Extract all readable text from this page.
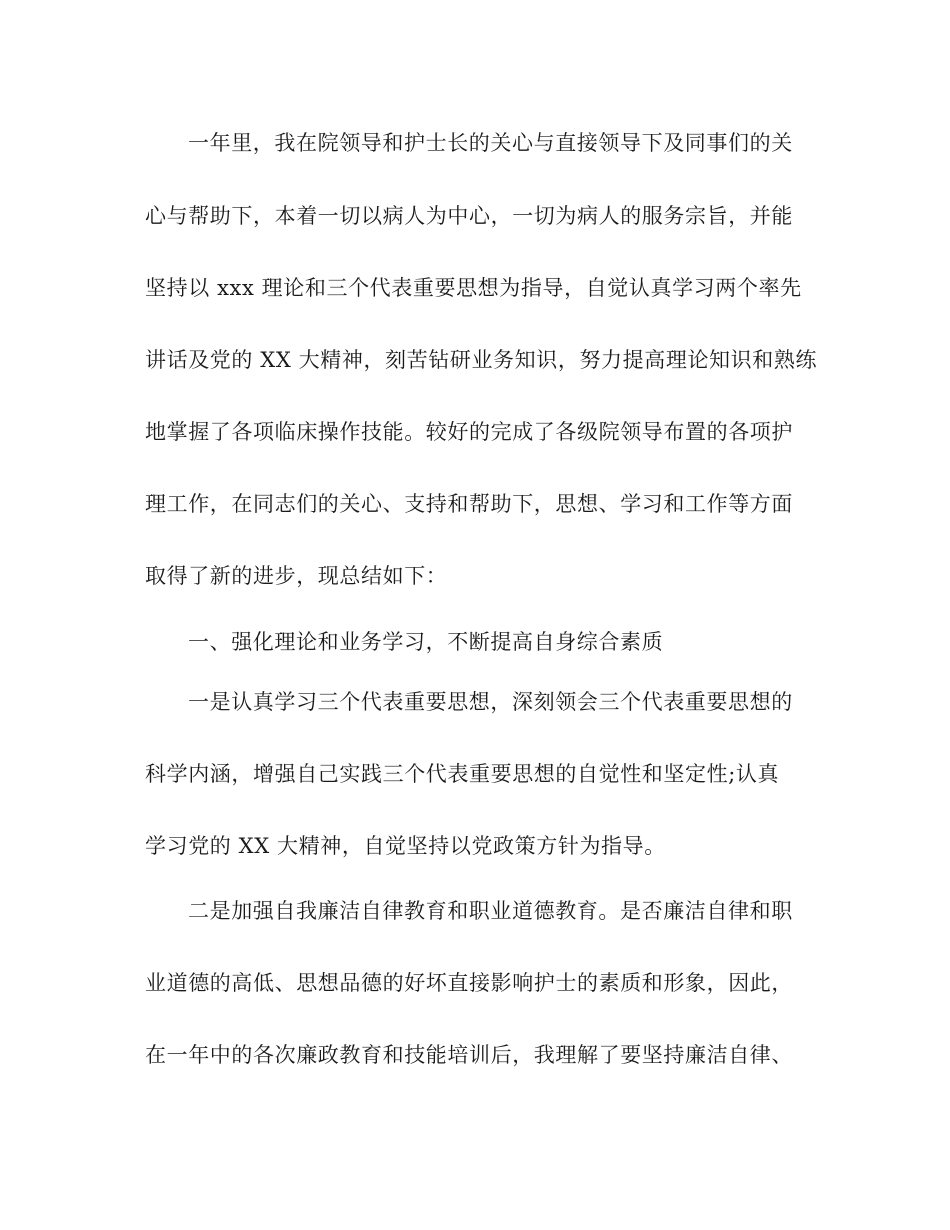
一年里，我在院领导和护士长的关心与直接领导下及同事们的关

心与帮助下，本着一切以病人为中心，一切为病人的服务宗旨，并能

坚持以 xxx 理论和三个代表重要思想为指导，自觉认真学习两个率先

讲话及党的 XX 大精神，刻苦钻研业务知识，努力提高理论知识和熟练

地掌握了各项临床操作技能。较好的完成了各级院领导布置的各项护

理工作，在同志们的关心、支持和帮助下，思想、学习和工作等方面

取得了新的进步，现总结如下：

一、强化理论和业务学习，不断提高自身综合素质

一是认真学习三个代表重要思想，深刻领会三个代表重要思想的

科学内涵，增强自己实践三个代表重要思想的自觉性和坚定性;认真

学习党的 XX 大精神，自觉坚持以党政策方针为指导。

二是加强自我廉洁自律教育和职业道德教育。是否廉洁自律和职

业道德的高低、思想品德的好坏直接影响护士的素质和形象，因此，

在一年中的各次廉政教育和技能培训后，我理解了要坚持廉洁自律、
